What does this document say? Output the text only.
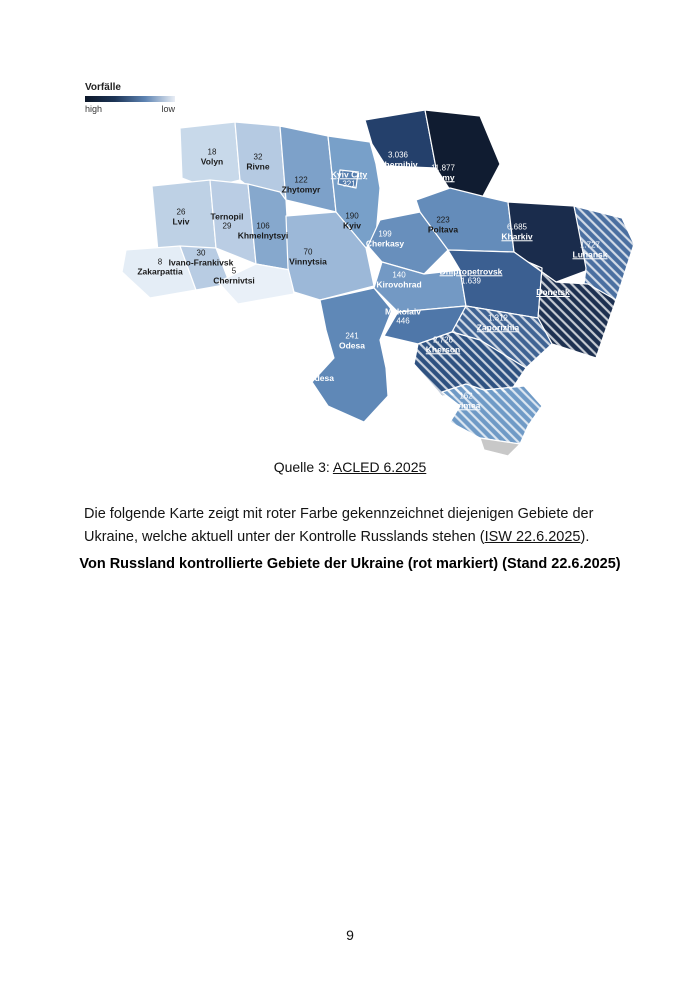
Vorfälle
high	low
18
Volyn	32
Rivne
122
Zhytomyr
Kyiv City
321
3.036
Chernihiv 11.877
Sumy
26
Lviv
Ternopil
29	106
Khmelnytsyi
190
Kyiv
199
Cherkasy
223
Poltava	6.685
Kharkiv
1.727
Luhansk
8
Zakarpattia
30
Ivano-Frankivsk
5
Chernivtsi
70
Vinnytsia
140
Kirovohrad
Dnipropetrovsk
1.639
Donetsk
Mykolaiv
446	1.312
Zaporizhia
2.726
Kherson
241
Odesa
Odesa
162
Crimea
Quelle 3: ACLED 6.2025
Die folgende Karte zeigt mit roter Farbe gekennzeichnet diejenigen Gebiete der Ukraine, welche aktuell unter der Kontrolle Russlands stehen (ISW 22.6.2025).
Von Russland kontrollierte Gebiete der Ukraine (rot markiert) (Stand 22.6.2025)
9
